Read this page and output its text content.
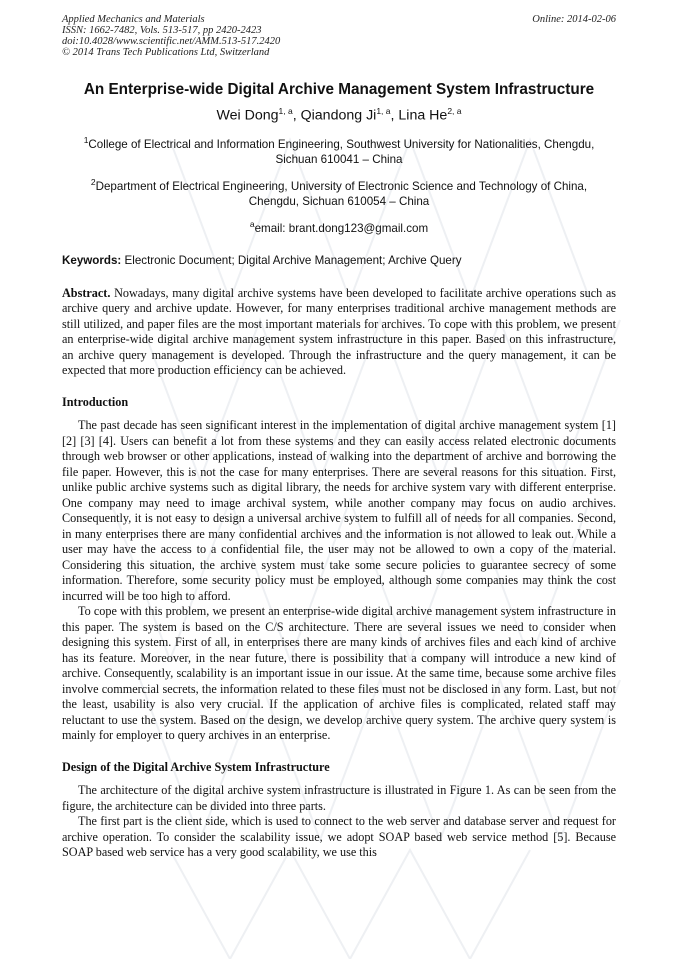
Applied Mechanics and Materials
ISSN: 1662-7482, Vols. 513-517, pp 2420-2423
doi:10.4028/www.scientific.net/AMM.513-517.2420
© 2014 Trans Tech Publications Ltd, Switzerland
Online: 2014-02-06
An Enterprise-wide Digital Archive Management System Infrastructure
Wei Dong$^{1, a}$, Qiandong Ji$^{1, a}$, Lina He$^{2, a}$
$^1$College of Electrical and Information Engineering, Southwest University for Nationalities, Chengdu,
Sichuan 610041 – China
$^2$Department of Electrical Engineering, University of Electronic Science and Technology of China,
Chengdu, Sichuan 610054 – China
$^a$email: brant.dong123@gmail.com
Keywords: Electronic Document; Digital Archive Management; Archive Query
Abstract. Nowadays, many digital archive systems have been developed to facilitate archive operations such as archive query and archive update. However, for many enterprises traditional archive management methods are still utilized, and paper files are the most important materials for archives. To cope with this problem, we present an enterprise-wide digital archive management system infrastructure in this paper. Based on this infrastructure, an archive query management is developed. Through the infrastructure and the query management, it can be expected that more production efficiency can be achieved.
Introduction

The past decade has seen significant interest in the implementation of digital archive management system [1] [2] [3] [4]. Users can benefit a lot from these systems and they can easily access related electronic documents through web browser or other applications, instead of walking into the department of archive and borrowing the file paper. However, this is not the case for many enterprises. There are several reasons for this situation. First, unlike public archive systems such as digital library, the needs for archive system vary with different enterprise. One company may need to image archival system, while another company may focus on audio archives. Consequently, it is not easy to design a universal archive system to fulfill all of needs for all companies. Second, in many enterprises there are many confidential archives and the information is not allowed to leak out. While a user may have the access to a confidential file, the user may not be allowed to own a copy of the material. Considering this situation, the archive system must take some secure policies to guarantee secrecy of some information. Therefore, some security policy must be employed, although some companies may think the cost incurred will be too high to afford.

To cope with this problem, we present an enterprise-wide digital archive management system infrastructure in this paper. The system is based on the C/S architecture. There are several issues we need to consider when designing this system. First of all, in enterprises there are many kinds of archives files and each kind of archive has its feature. Moreover, in the near future, there is possibility that a company will introduce a new kind of archive. Consequently, scalability is an important issue in our issue. At the same time, because some archive files involve commercial secrets, the information related to these files must not be disclosed in any form. Last, but not the least, usability is also very crucial. If the application of archive files is complicated, related staff may reluctant to use the system. Based on the design, we develop archive query system. The archive query system is mainly for employer to query archives in an enterprise.

Design of the Digital Archive System Infrastructure

The architecture of the digital archive system infrastructure is illustrated in Figure 1. As can be seen from the figure, the architecture can be divided into three parts.

The first part is the client side, which is used to connect to the web server and database server and request for archive operation. To consider the scalability issue, we adopt SOAP based web service method [5]. Because SOAP based web service has a very good scalability, we use this
